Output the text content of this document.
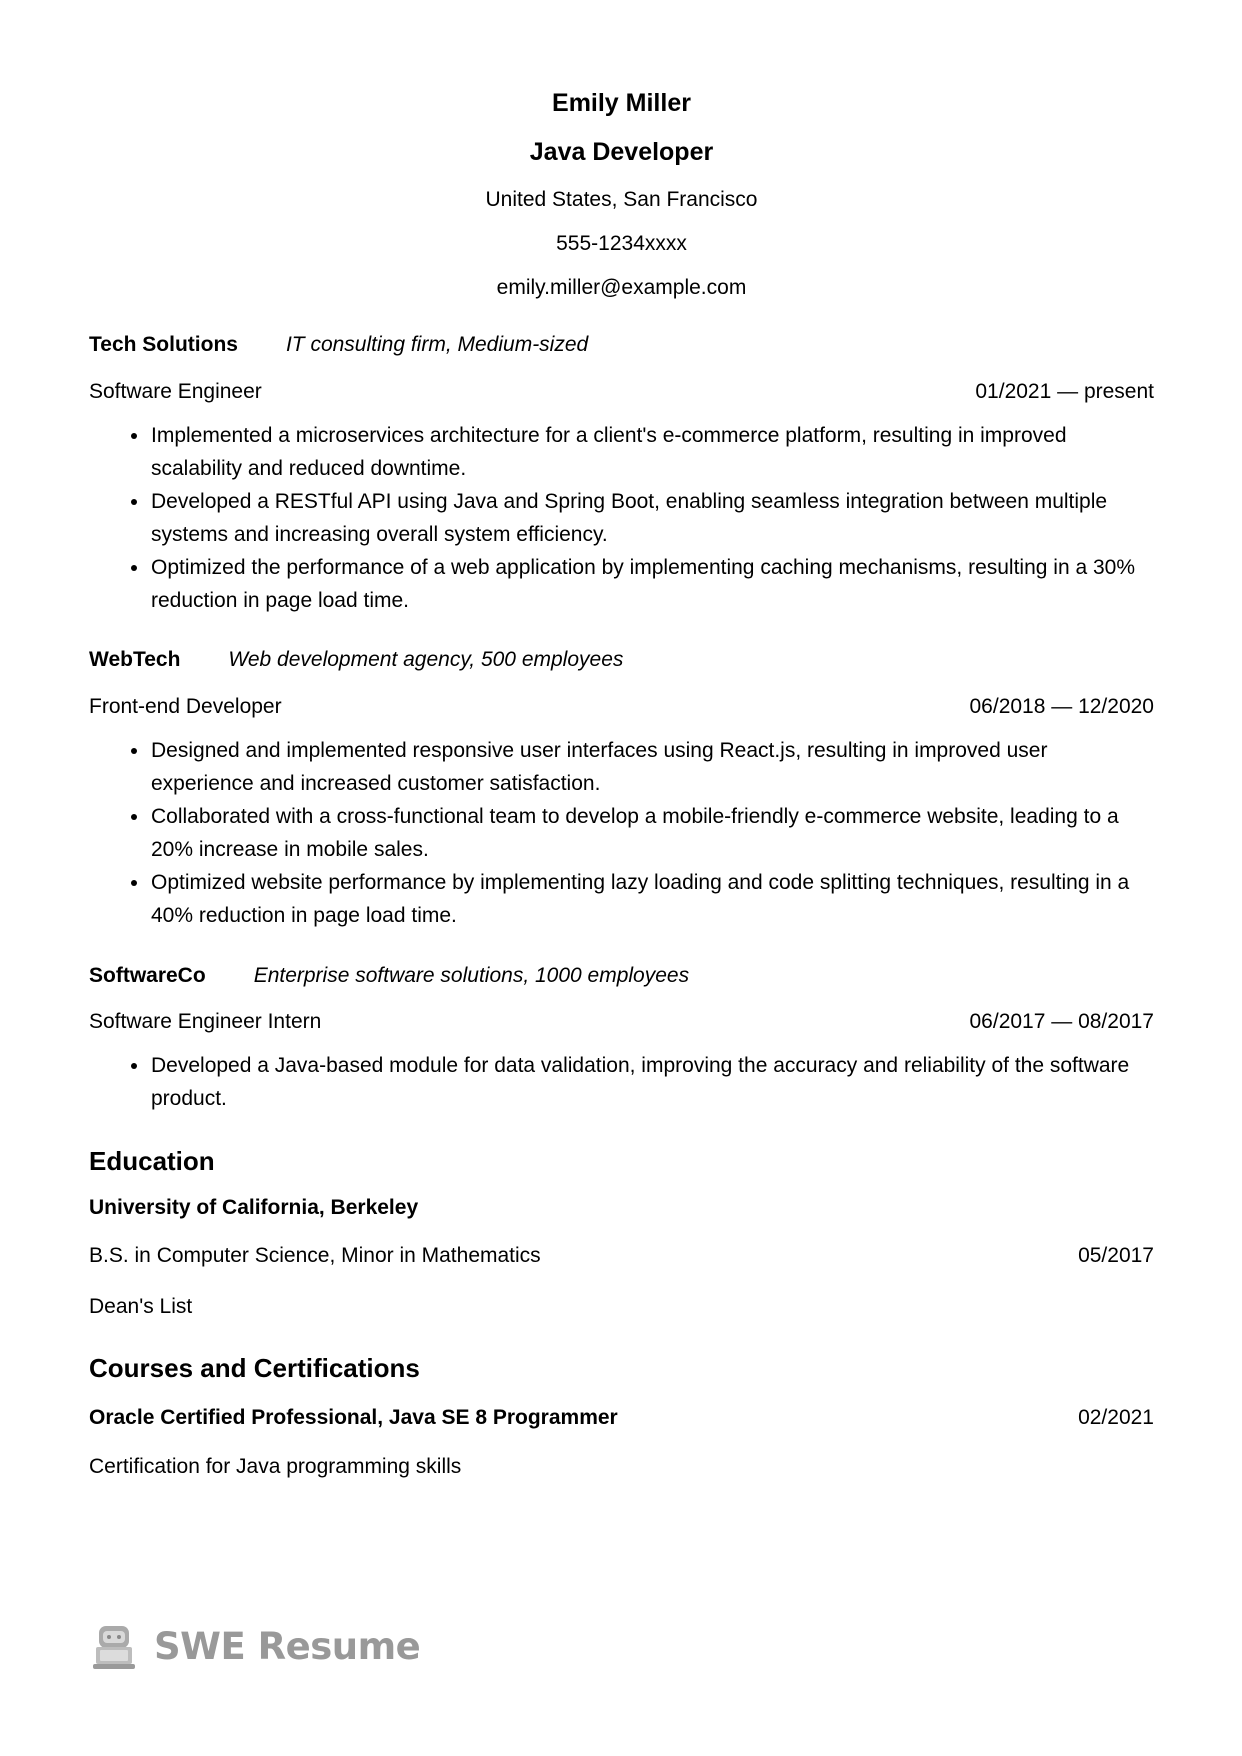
Emily Miller
Java Developer
United States, San Francisco
555-1234xxxx
emily.miller@example.com
Tech Solutions IT consulting firm, Medium-sized
Software Engineer	01/2021 — present
Implemented a microservices architecture for a client's e-commerce platform, resulting in improved scalability and reduced downtime.
Developed a RESTful API using Java and Spring Boot, enabling seamless integration between multiple systems and increasing overall system efficiency.
Optimized the performance of a web application by implementing caching mechanisms, resulting in a 30% reduction in page load time.
WebTech Web development agency, 500 employees
Front-end Developer	06/2018 — 12/2020
Designed and implemented responsive user interfaces using React.js, resulting in improved user experience and increased customer satisfaction.
Collaborated with a cross-functional team to develop a mobile-friendly e-commerce website, leading to a 20% increase in mobile sales.
Optimized website performance by implementing lazy loading and code splitting techniques, resulting in a 40% reduction in page load time.
SoftwareCo Enterprise software solutions, 1000 employees
Software Engineer Intern	06/2017 — 08/2017
Developed a Java-based module for data validation, improving the accuracy and reliability of the software product.
Education
University of California, Berkeley
B.S. in Computer Science, Minor in Mathematics	05/2017
Dean's List
Courses and Certifications
Oracle Certified Professional, Java SE 8 Programmer	02/2021
Certification for Java programming skills
SWE Resume
